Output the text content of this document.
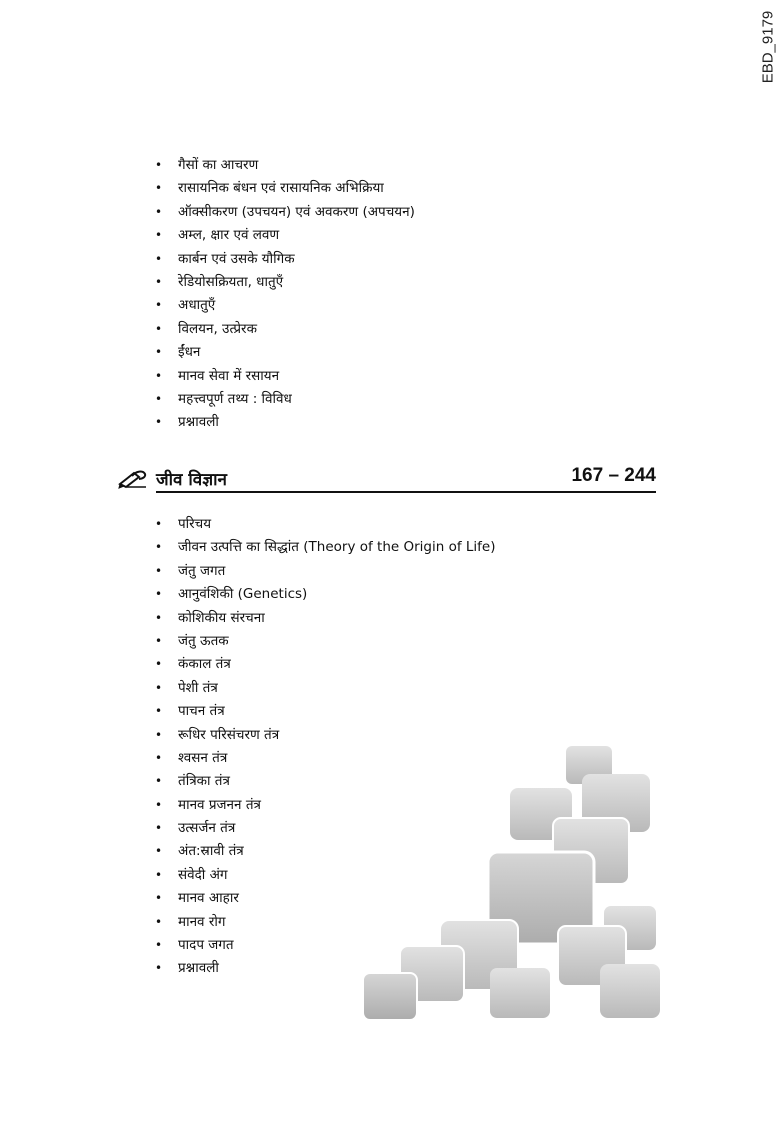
EBD_9179
• गैसों का आचरण
• रासायनिक बंधन एवं रासायनिक अभिक्रिया
• ऑक्सीकरण (उपचयन) एवं अवकरण (अपचयन)
• अम्ल, क्षार एवं लवण
• कार्बन एवं उसके यौगिक
• रेडियोसक्रियता, धातुएँ
• अधातुएँ
• विलयन, उत्प्रेरक
• ईंधन
• मानव सेवा में रसायन
• महत्त्वपूर्ण तथ्य : विविध
• प्रश्नावली
जीव विज्ञान	167 – 244
• परिचय
• जीवन उत्पत्ति का सिद्धांत (Theory of the Origin of Life)
• जंतु जगत
• आनुवंशिकी (Genetics)
• कोशिकीय संरचना
• जंतु ऊतक
• कंकाल तंत्र
• पेशी तंत्र
• पाचन तंत्र
• रूधिर परिसंचरण तंत्र
• श्वसन तंत्र
• तंत्रिका तंत्र
• मानव प्रजनन तंत्र
• उत्सर्जन तंत्र
• अंत:स्रावी तंत्र
• संवेदी अंग
• मानव आहार
• मानव रोग
• पादप जगत
• प्रश्नावली
